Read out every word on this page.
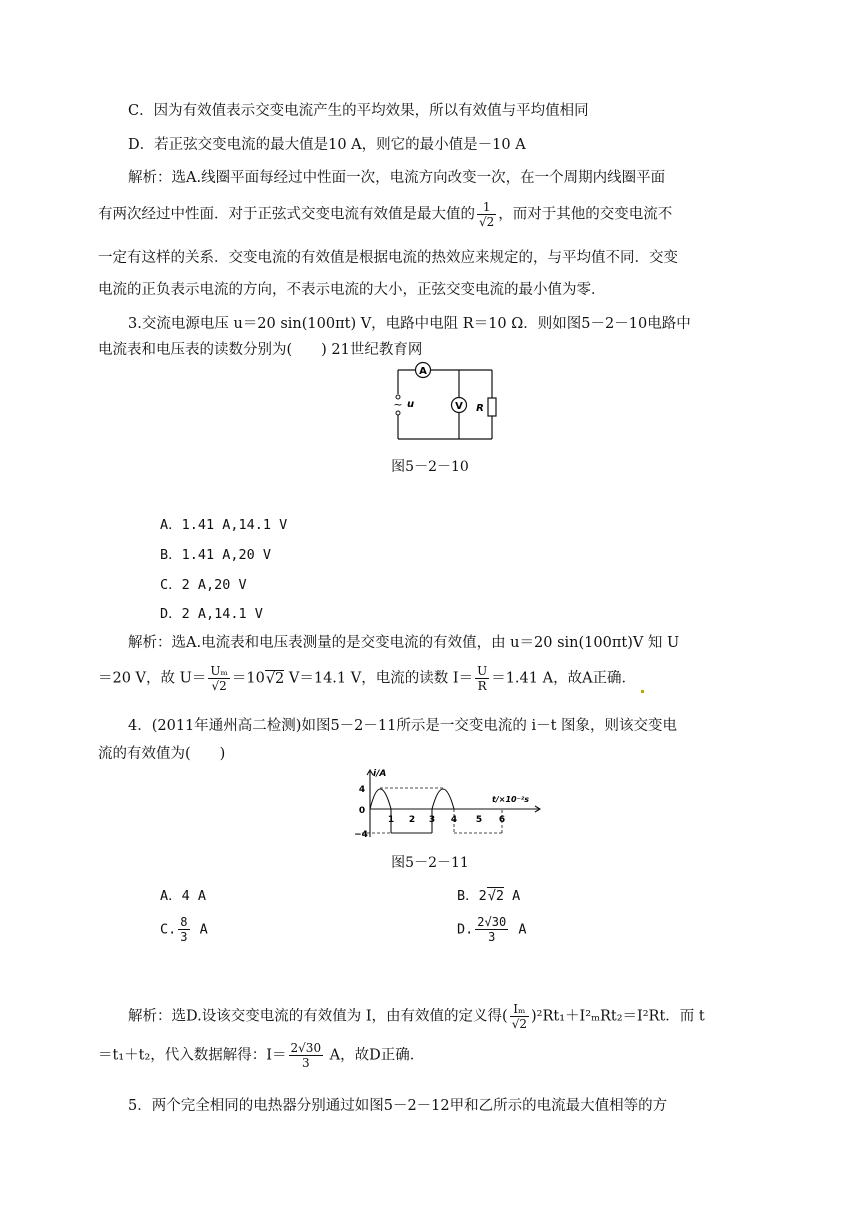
C．因为有效值表示交变电流产生的平均效果，所以有效值与平均值相同
D．若正弦交变电流的最大值是10 A，则它的最小值是－10 A
解析：选A.线圈平面每经过中性面一次，电流方向改变一次，在一个周期内线圈平面
有两次经过中性面．对于正弦式交变电流有效值是最大值的 $\frac{1}{√2}$ ，而对于其他的交变电流不
一定有这样的关系．交变电流的有效值是根据电流的热效应来规定的，与平均值不同．交变
电流的正负表示电流的方向，不表示电流的大小，正弦交变电流的最小值为零．
3.交流电源电压 u＝20 sin(100πt) V，电路中电阻 R＝10 Ω．则如图5－2－10电路中
电流表和电压表的读数分别为(　　) 21世纪教育网
A
V R
~ u
图5－2－10
A．1.41 A,14.1 V
B．1.41 A,20 V
C．2 A,20 V
D．2 A,14.1 V
解析：选A.电流表和电压表测量的是交变电流的有效值，由 u＝20 sin(100πt)V 知 U
＝20 V，故 $U= \frac{\text{Uₘ}}{√2} =10√2$ V＝14.1 V，电流的读数 $I= \frac{U}{R} =1.41$ A，故A正确．
4．(2011年通州高二检测)如图5－2－11所示是一交变电流的 i－t 图象，则该交变电
流的有效值为(　　)
i/A
t/×10⁻²s
4
0
−4
1 2 3 4 5 6
图5－2－11
A．4 A	B．2√2 A
C. $\frac{8}{3}$ A	D. $\frac{2√30}{3}$ A
解析：选D.设该交变电流的有效值为 I，由有效值的定义得( $\frac{\text{Iₘ}}{√2} )^2Rt_1+I^2_mRt_2=I^2Rt$．而 t
＝t₁＋t₂，代入数据解得：$I= \frac{2√30}{3}$ A，故D正确．
5．两个完全相同的电热器分别通过如图5－2－12甲和乙所示的电流最大值相等的方
